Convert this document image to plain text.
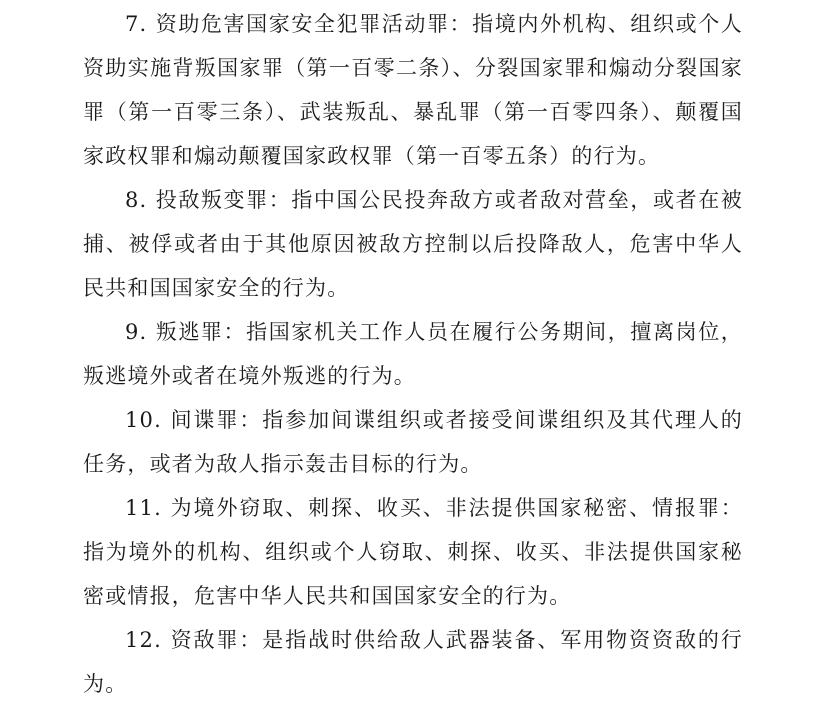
7. 资助危害国家安全犯罪活动罪：指境内外机构、组织或个人资助实施背叛国家罪（第一百零二条）、分裂国家罪和煽动分裂国家罪（第一百零三条）、武装叛乱、暴乱罪（第一百零四条）、颠覆国家政权罪和煽动颠覆国家政权罪（第一百零五条）的行为。

8. 投敌叛变罪：指中国公民投奔敌方或者敌对营垒，或者在被捕、被俘或者由于其他原因被敌方控制以后投降敌人，危害中华人民共和国国家安全的行为。

9. 叛逃罪：指国家机关工作人员在履行公务期间，擅离岗位，叛逃境外或者在境外叛逃的行为。

10. 间谍罪：指参加间谍组织或者接受间谍组织及其代理人的任务，或者为敌人指示轰击目标的行为。

11. 为境外窃取、刺探、收买、非法提供国家秘密、情报罪：指为境外的机构、组织或个人窃取、刺探、收买、非法提供国家秘密或情报，危害中华人民共和国国家安全的行为。

12. 资敌罪：是指战时供给敌人武器装备、军用物资资敌的行为。
